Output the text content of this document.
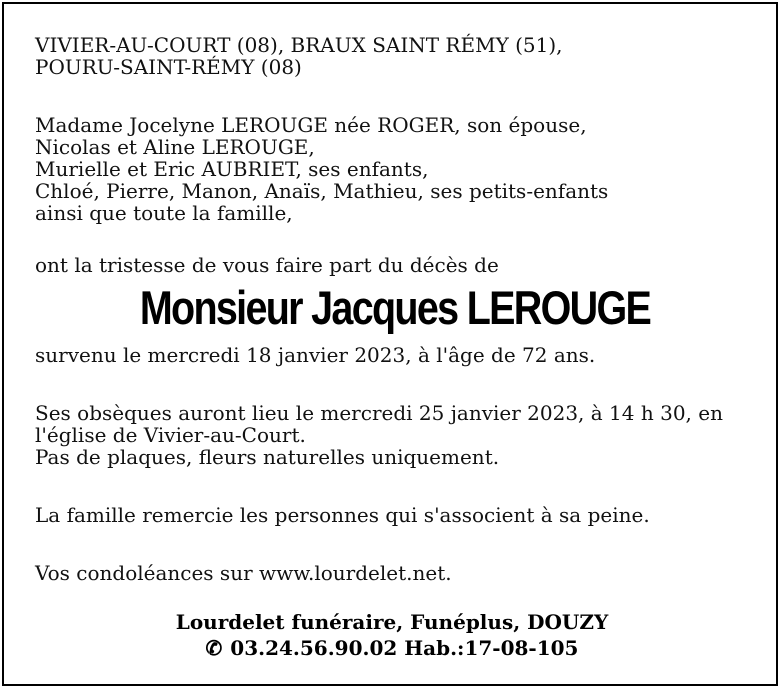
VIVIER-AU-COURT (08), BRAUX SAINT RÉMY (51),
POURU-SAINT-RÉMY (08)
Madame Jocelyne LEROUGE née ROGER, son épouse,
Nicolas et Aline LEROUGE,
Murielle et Eric AUBRIET, ses enfants,
Chloé, Pierre, Manon, Anaïs, Mathieu, ses petits-enfants
ainsi que toute la famille,
ont la tristesse de vous faire part du décès de
Monsieur Jacques LEROUGE
survenu le mercredi 18 janvier 2023, à l'âge de 72 ans.
Ses obsèques auront lieu le mercredi 25 janvier 2023, à 14 h 30, en
l'église de Vivier-au-Court.
Pas de plaques, fleurs naturelles uniquement.
La famille remercie les personnes qui s'associent à sa peine.
Vos condoléances sur www.lourdelet.net.
Lourdelet funéraire, Funéplus, DOUZY
✆ 03.24.56.90.02 Hab.:17-08-105
